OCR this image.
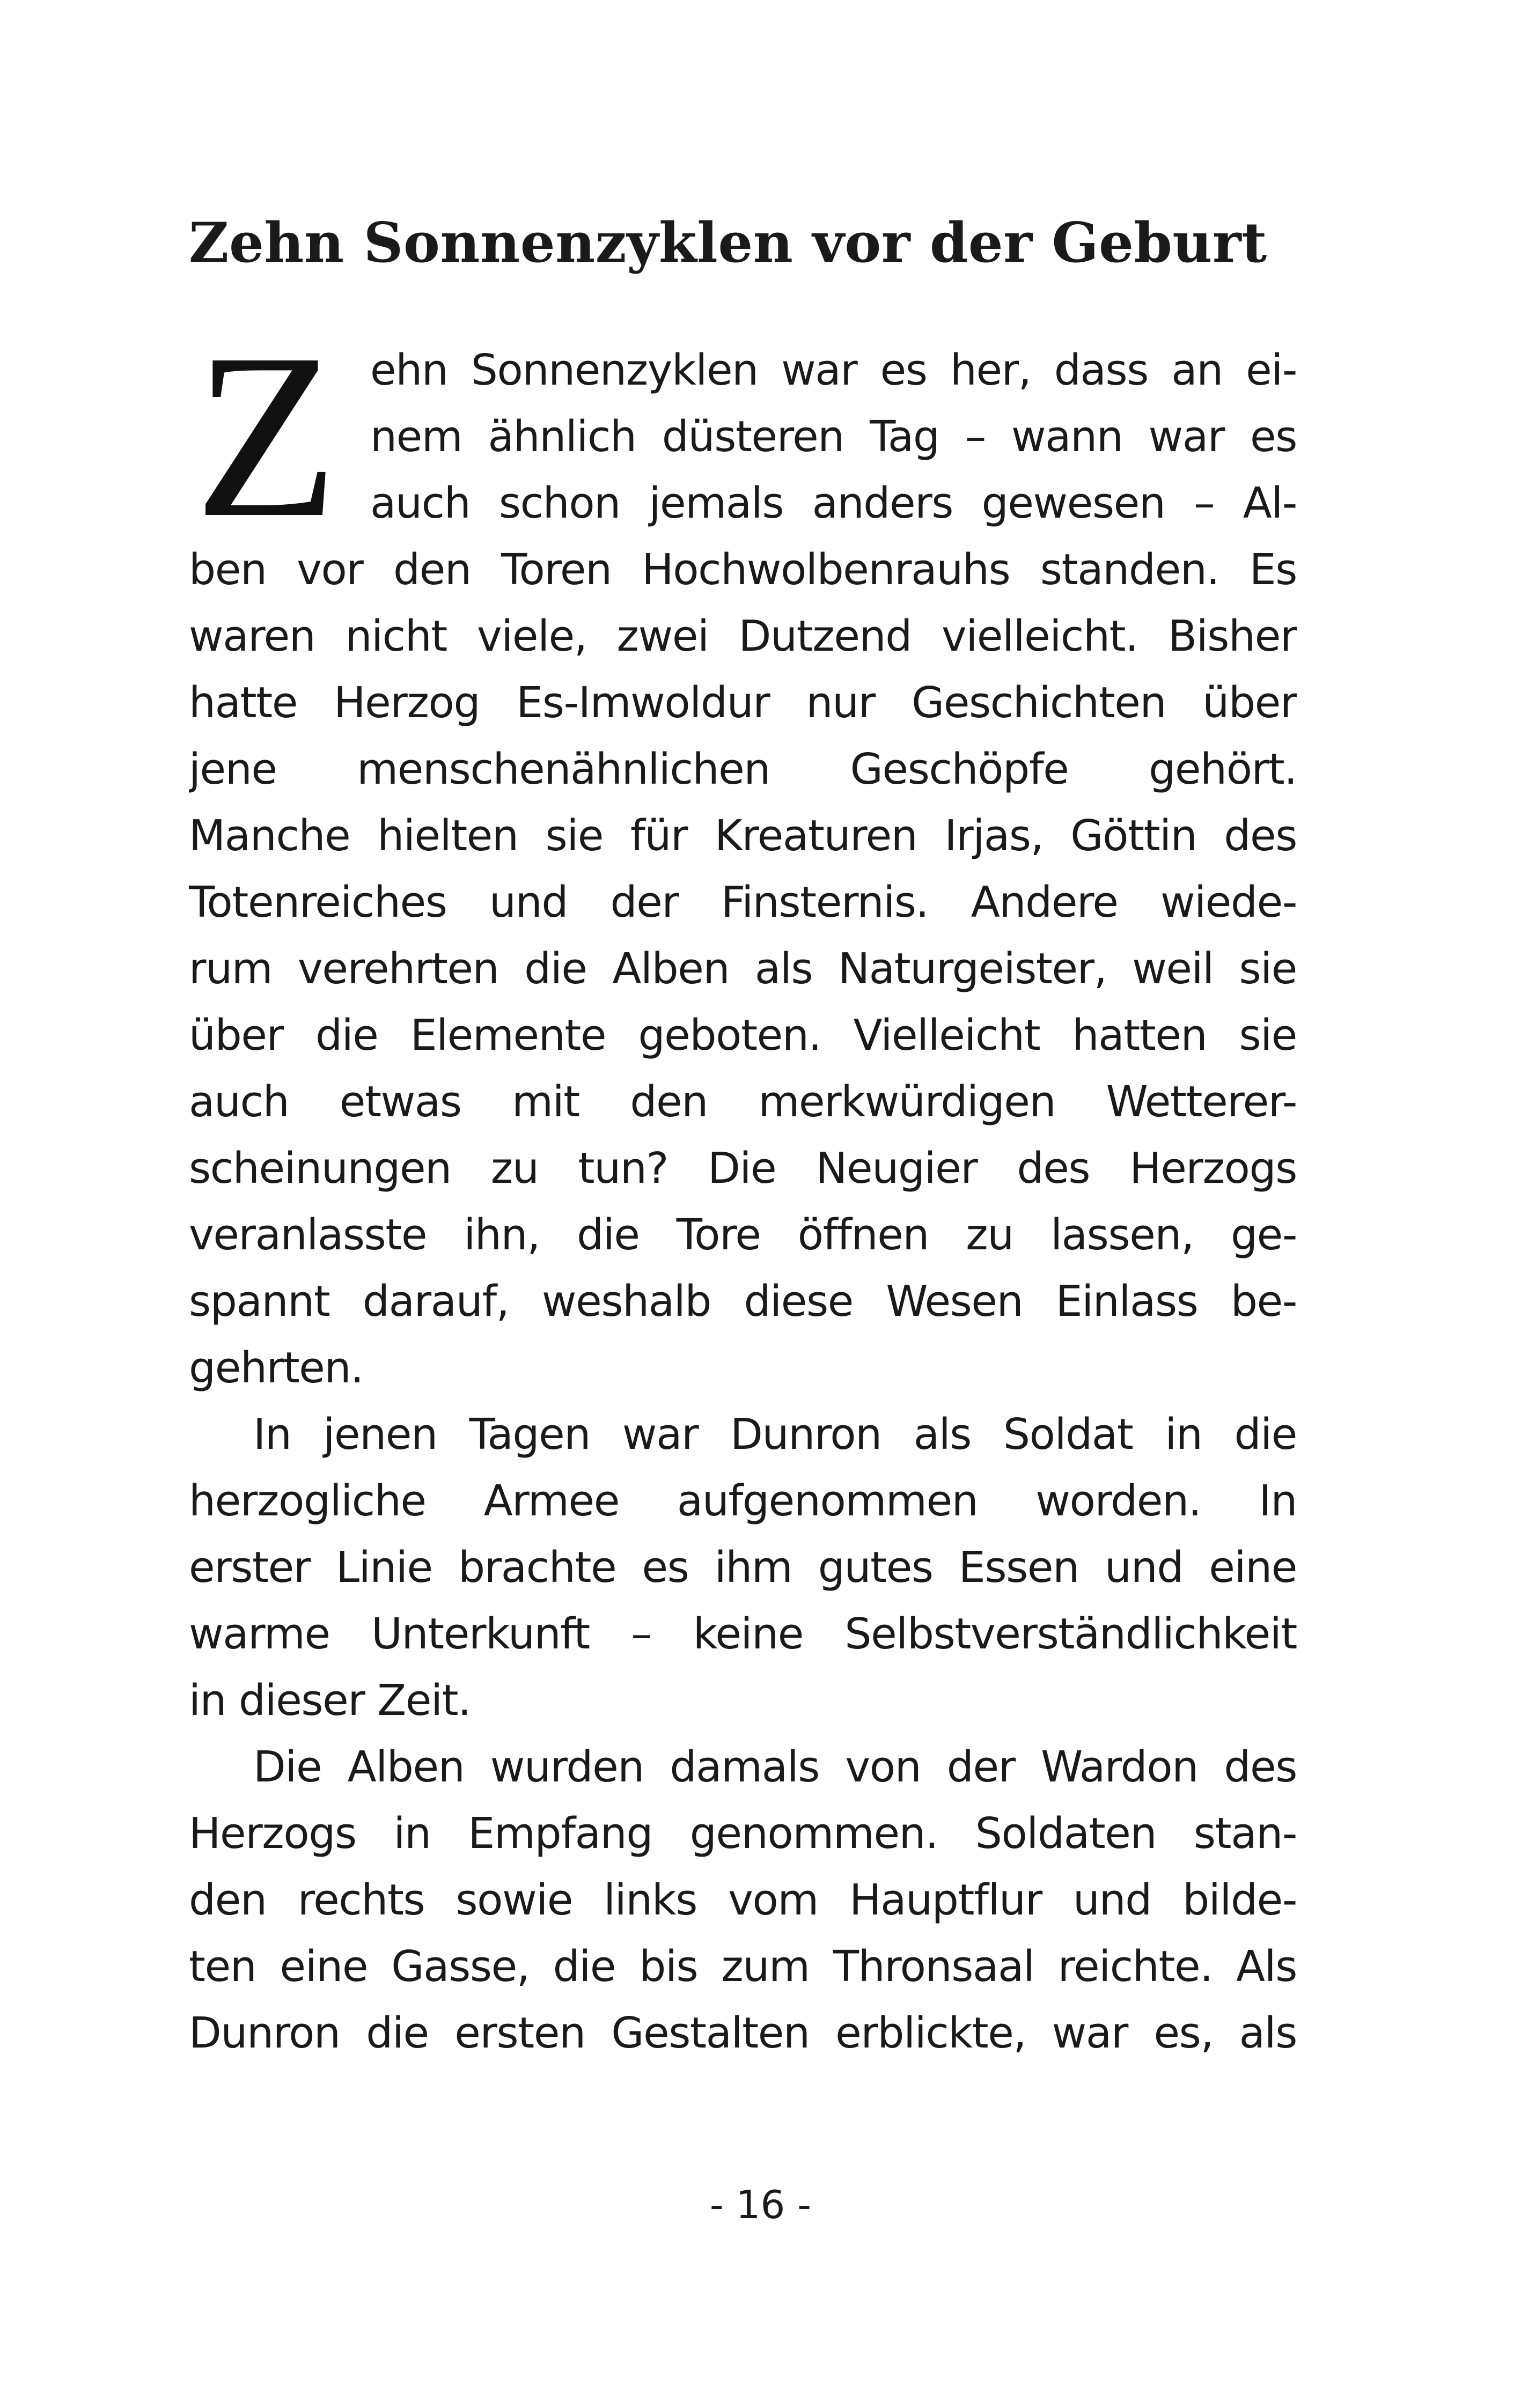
Zehn Sonnenzyklen vor der Geburt
Z ehn Sonnenzyklen war es her, dass an ei-

nem ähnlich düsteren Tag – wann war es

auch schon jemals anders gewesen – Al-

ben vor den Toren Hochwolbenrauhs standen. Es

waren nicht viele, zwei Dutzend vielleicht. Bisher

hatte Herzog Es-Imwoldur nur Geschichten über

jene menschenähnlichen Geschöpfe gehört.

Manche hielten sie für Kreaturen Irjas, Göttin des

Totenreiches und der Finsternis. Andere wiede-

rum verehrten die Alben als Naturgeister, weil sie

über die Elemente geboten. Vielleicht hatten sie

auch etwas mit den merkwürdigen Wetterer-

scheinungen zu tun? Die Neugier des Herzogs

veranlasste ihn, die Tore öffnen zu lassen, ge-

spannt darauf, weshalb diese Wesen Einlass be-

gehrten.

In jenen Tagen war Dunron als Soldat in die

herzogliche Armee aufgenommen worden. In

erster Linie brachte es ihm gutes Essen und eine

warme Unterkunft – keine Selbstverständlichkeit

in dieser Zeit.

Die Alben wurden damals von der Wardon des

Herzogs in Empfang genommen. Soldaten stan-

den rechts sowie links vom Hauptflur und bilde-

ten eine Gasse, die bis zum Thronsaal reichte. Als

Dunron die ersten Gestalten erblickte, war es, als

- 16 -
